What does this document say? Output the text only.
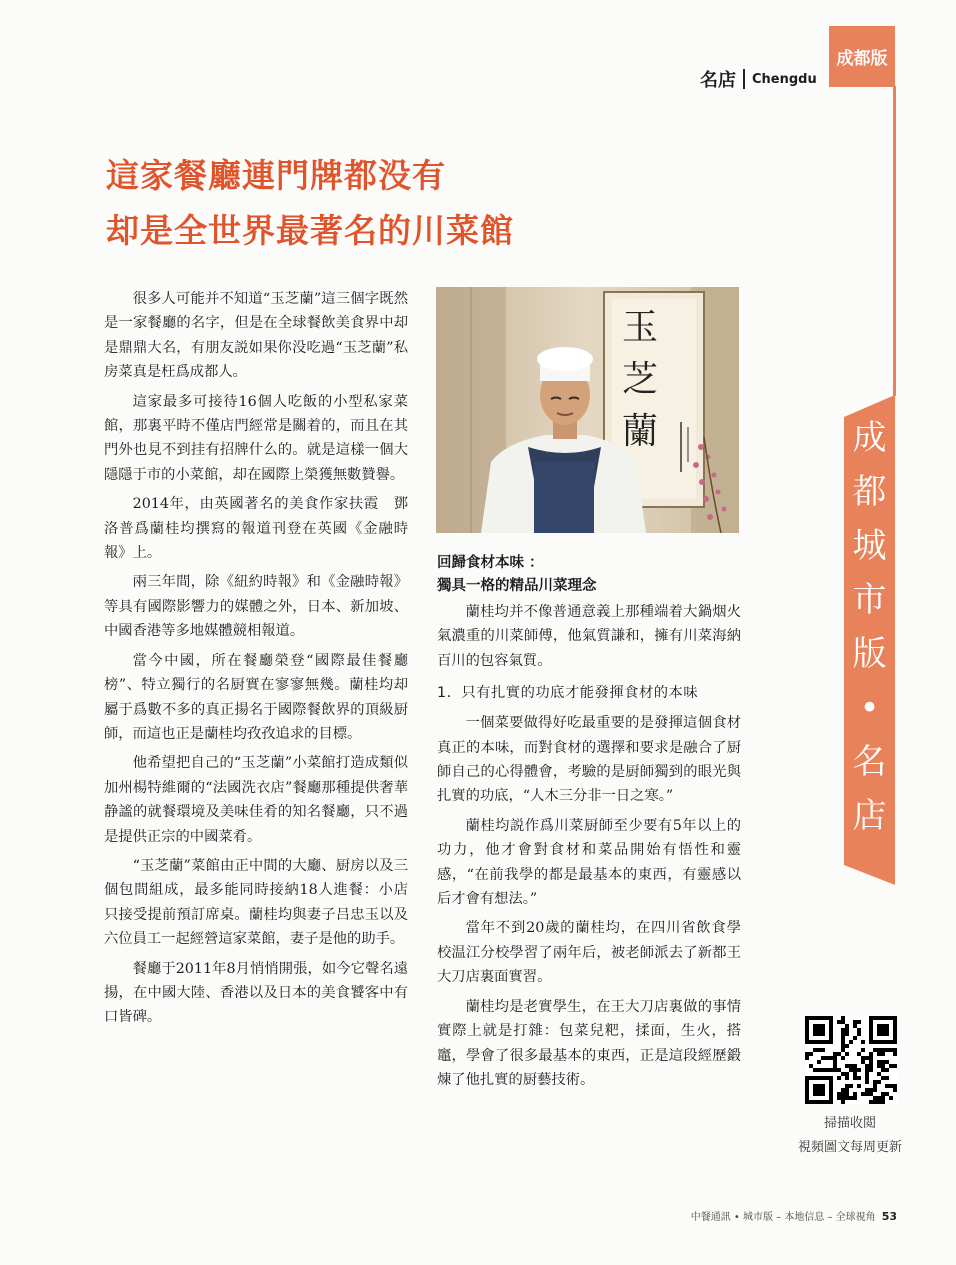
成都版
名店 Chengdu
這家餐廳連門牌都没有
却是全世界最著名的川菜館

很多人可能并不知道“玉芝蘭”這三個字既然是一家餐廳的名字，但是在全球餐飲美食界中却是鼎鼎大名，有朋友説如果你没吃過“玉芝蘭”私房菜真是枉爲成都人。

這家最多可接待16個人吃飯的小型私家菜館，那裏平時不僅店門經常是關着的，而且在其門外也見不到挂有招牌什么的。就是這樣一個大隱隱于市的小菜館，却在國際上榮獲無數贊譽。

2014年，由英國著名的美食作家扶霞　鄧洛普爲蘭桂均撰寫的報道刊登在英國《金融時報》上。

兩三年間，除《紐約時報》和《金融時報》等具有國際影響力的媒體之外，日本、新加坡、中國香港等多地媒體競相報道。

當今中國，所在餐廳榮登“國際最佳餐廳榜”、特立獨行的名厨實在寥寥無幾。蘭桂均却屬于爲數不多的真正揚名于國際餐飲界的頂級厨師，而這也正是蘭桂均孜孜追求的目標。

他希望把自己的“玉芝蘭”小菜館打造成類似加州楊特維爾的“法國洗衣店”餐廳那種提供奢華静謐的就餐環境及美味佳肴的知名餐廳，只不過是提供正宗的中國菜肴。

“玉芝蘭”菜館由正中間的大廳、厨房以及三個包間組成，最多能同時接納18人進餐：小店只接受提前預訂席桌。蘭桂均與妻子吕忠玉以及六位員工一起經營這家菜館，妻子是他的助手。

餐廳于2011年8月悄悄開張，如今它聲名遠揚，在中國大陸、香港以及日本的美食饕客中有口皆碑。

玉
芝
蘭
回歸食材本味 ：
獨具一格的精品川菜理念

蘭桂均并不像普通意義上那種端着大鍋烟火氣濃重的川菜師傅，他氣質謙和，擁有川菜海納百川的包容氣質。

1．只有扎實的功底才能發揮食材的本味

一個菜要做得好吃最重要的是發揮這個食材真正的本味，而對食材的選擇和要求是融合了厨師自己的心得體會，考驗的是厨師獨到的眼光與扎實的功底，“人木三分非一日之寒。”

蘭桂均説作爲川菜厨師至少要有5年以上的功力，他才會對食材和菜品開始有悟性和靈感，“在前我學的都是最基本的東西，有靈感以后才會有想法。”

當年不到20歲的蘭桂均，在四川省飲食學校温江分校學習了兩年后，被老師派去了新都王大刀店裏面實習。

蘭桂均是老實學生，在王大刀店裏做的事情實際上就是打雜：包菜兒粑，揉面，生火，搭竈，學會了很多最基本的東西，正是這段經歷鍛煉了他扎實的厨藝技術。

成
都
城
市
版
•
名
店
掃描收閲
視頻圖文每周更新
中餐通訊 • 城市版 – 本地信息 – 全球視角 53
